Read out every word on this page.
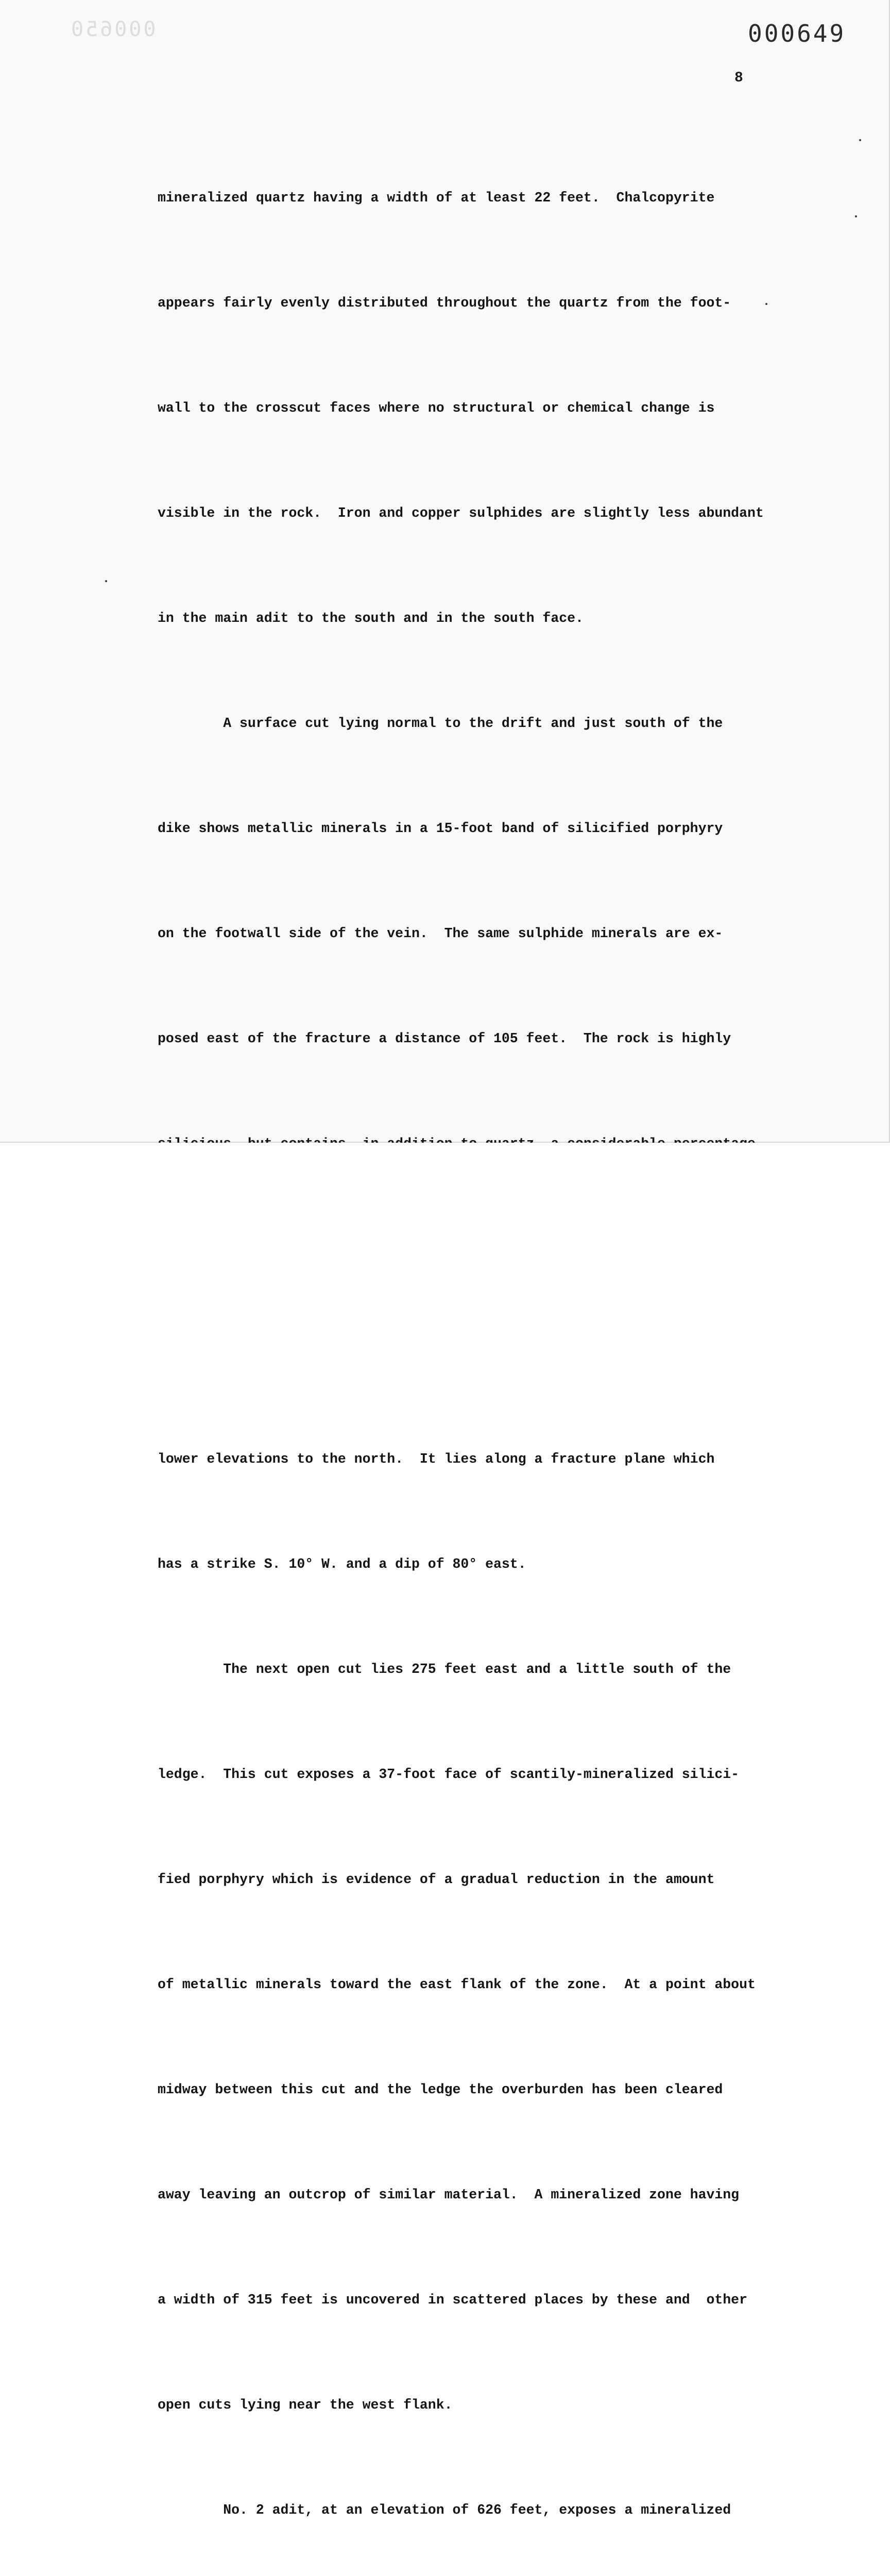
000650	000649
8

mineralized quartz having a width of at least 22 feet.  Chalcopyrite

appears fairly evenly distributed throughout the quartz from the foot-

wall to the crosscut faces where no structural or chemical change is

visible in the rock.  Iron and copper sulphides are slightly less abundant

in the main adit to the south and in the south face.

A surface cut lying normal to the drift and just south of the

dike shows metallic minerals in a 15-foot band of silicified porphyry

on the footwall side of the vein.  The same sulphide minerals are ex-

posed east of the fracture a distance of 105 feet.  The rock is highly

lower elevations to the north.  It lies along a fracture plane which

has a strike S. 10° W. and a dip of 80° east.

The next open cut lies 275 feet east and a little south of the

ledge.  This cut exposes a 37-foot face of scantily-mineralized silici-

fied porphyry which is evidence of a gradual reduction in the amount

of metallic minerals toward the east flank of the zone.  At a point about

midway between this cut and the ledge the overburden has been cleared

away leaving an outcrop of similar material.  A mineralized zone having

a width of 315 feet is uncovered in scattered places by these and  other

open cuts lying near the west flank.

No. 2 adit, at an elevation of 626 feet, exposes a mineralized
